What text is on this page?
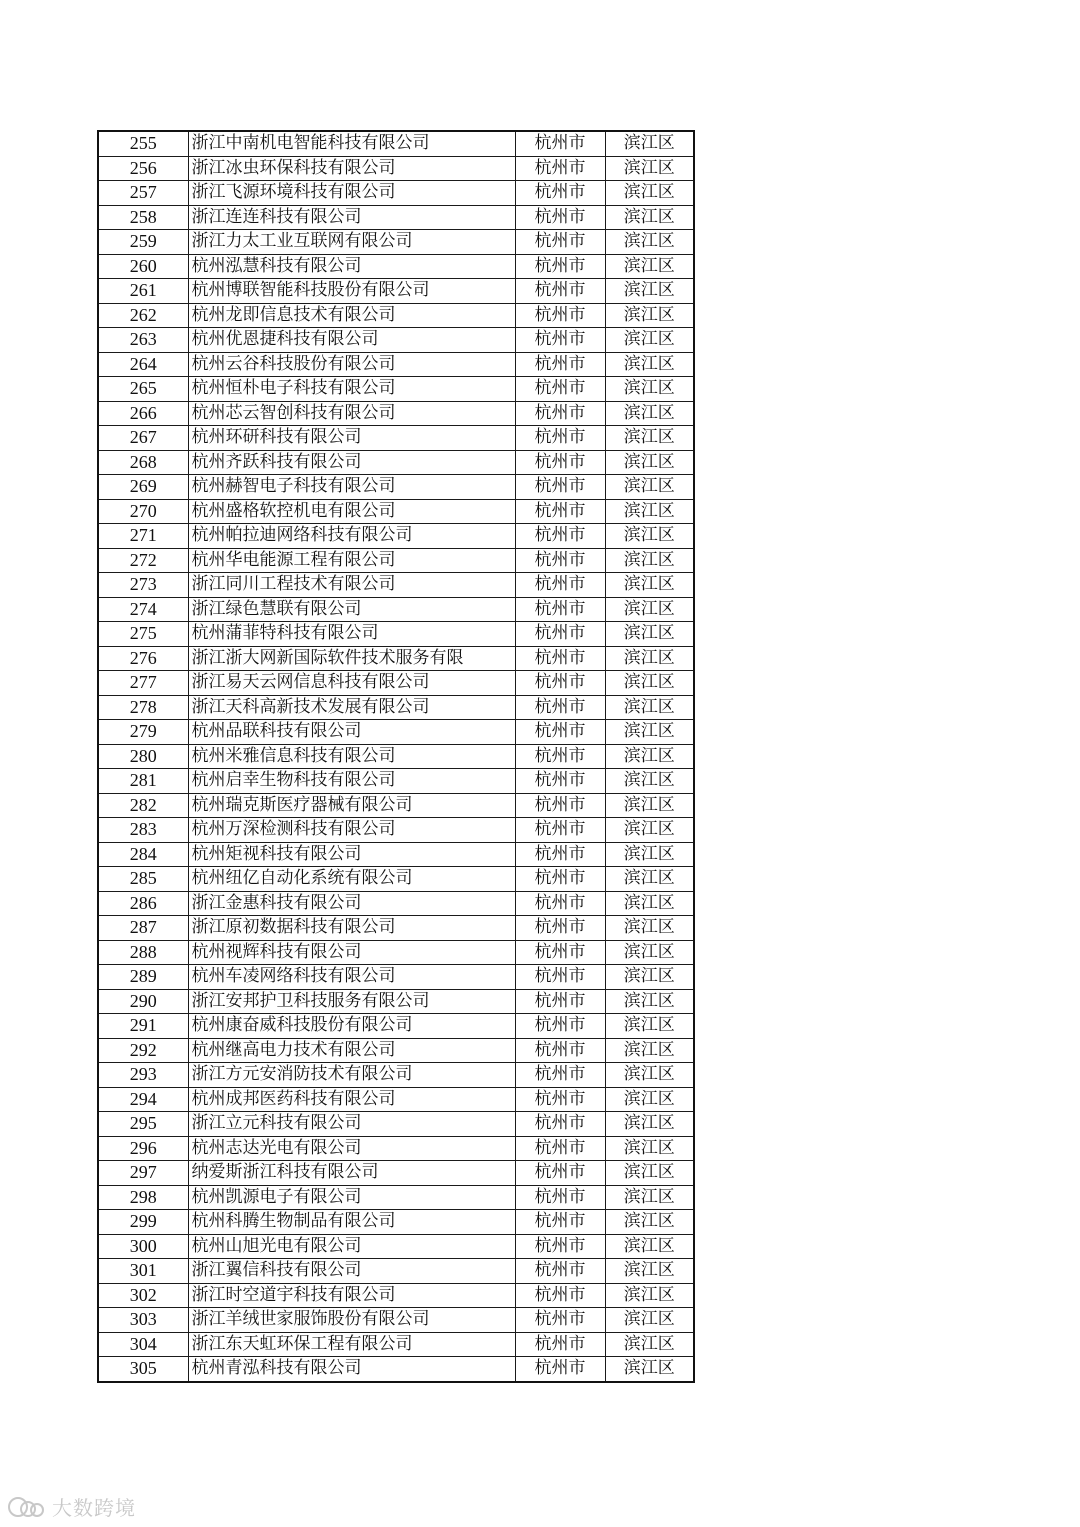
255	浙江中南机电智能科技有限公司	杭州市	滨江区
256	浙江冰虫环保科技有限公司	杭州市	滨江区
257	浙江飞源环境科技有限公司	杭州市	滨江区
258	浙江连连科技有限公司	杭州市	滨江区
259	浙江力太工业互联网有限公司	杭州市	滨江区
260	杭州泓慧科技有限公司	杭州市	滨江区
261	杭州博联智能科技股份有限公司	杭州市	滨江区
262	杭州龙即信息技术有限公司	杭州市	滨江区
263	杭州优恩捷科技有限公司	杭州市	滨江区
264	杭州云谷科技股份有限公司	杭州市	滨江区
265	杭州恒朴电子科技有限公司	杭州市	滨江区
266	杭州芯云智创科技有限公司	杭州市	滨江区
267	杭州环研科技有限公司	杭州市	滨江区
268	杭州齐跃科技有限公司	杭州市	滨江区
269	杭州赫智电子科技有限公司	杭州市	滨江区
270	杭州盛格软控机电有限公司	杭州市	滨江区
271	杭州帕拉迪网络科技有限公司	杭州市	滨江区
272	杭州华电能源工程有限公司	杭州市	滨江区
273	浙江同川工程技术有限公司	杭州市	滨江区
274	浙江绿色慧联有限公司	杭州市	滨江区
275	杭州蒲菲特科技有限公司	杭州市	滨江区
276	浙江浙大网新国际软件技术服务有限	杭州市	滨江区
277	浙江易天云网信息科技有限公司	杭州市	滨江区
278	浙江天科高新技术发展有限公司	杭州市	滨江区
279	杭州品联科技有限公司	杭州市	滨江区
280	杭州米雅信息科技有限公司	杭州市	滨江区
281	杭州启幸生物科技有限公司	杭州市	滨江区
282	杭州瑞克斯医疗器械有限公司	杭州市	滨江区
283	杭州万深检测科技有限公司	杭州市	滨江区
284	杭州矩视科技有限公司	杭州市	滨江区
285	杭州纽亿自动化系统有限公司	杭州市	滨江区
286	浙江金惠科技有限公司	杭州市	滨江区
287	浙江原初数据科技有限公司	杭州市	滨江区
288	杭州视辉科技有限公司	杭州市	滨江区
289	杭州车凌网络科技有限公司	杭州市	滨江区
290	浙江安邦护卫科技服务有限公司	杭州市	滨江区
291	杭州康奋威科技股份有限公司	杭州市	滨江区
292	杭州继高电力技术有限公司	杭州市	滨江区
293	浙江方元安消防技术有限公司	杭州市	滨江区
294	杭州成邦医药科技有限公司	杭州市	滨江区
295	浙江立元科技有限公司	杭州市	滨江区
296	杭州志达光电有限公司	杭州市	滨江区
297	纳爱斯浙江科技有限公司	杭州市	滨江区
298	杭州凯源电子有限公司	杭州市	滨江区
299	杭州科腾生物制品有限公司	杭州市	滨江区
300	杭州山旭光电有限公司	杭州市	滨江区
301	浙江翼信科技有限公司	杭州市	滨江区
302	浙江时空道宇科技有限公司	杭州市	滨江区
303	浙江羊绒世家服饰股份有限公司	杭州市	滨江区
304	浙江东天虹环保工程有限公司	杭州市	滨江区
305	杭州青泓科技有限公司	杭州市	滨江区
大数跨境
